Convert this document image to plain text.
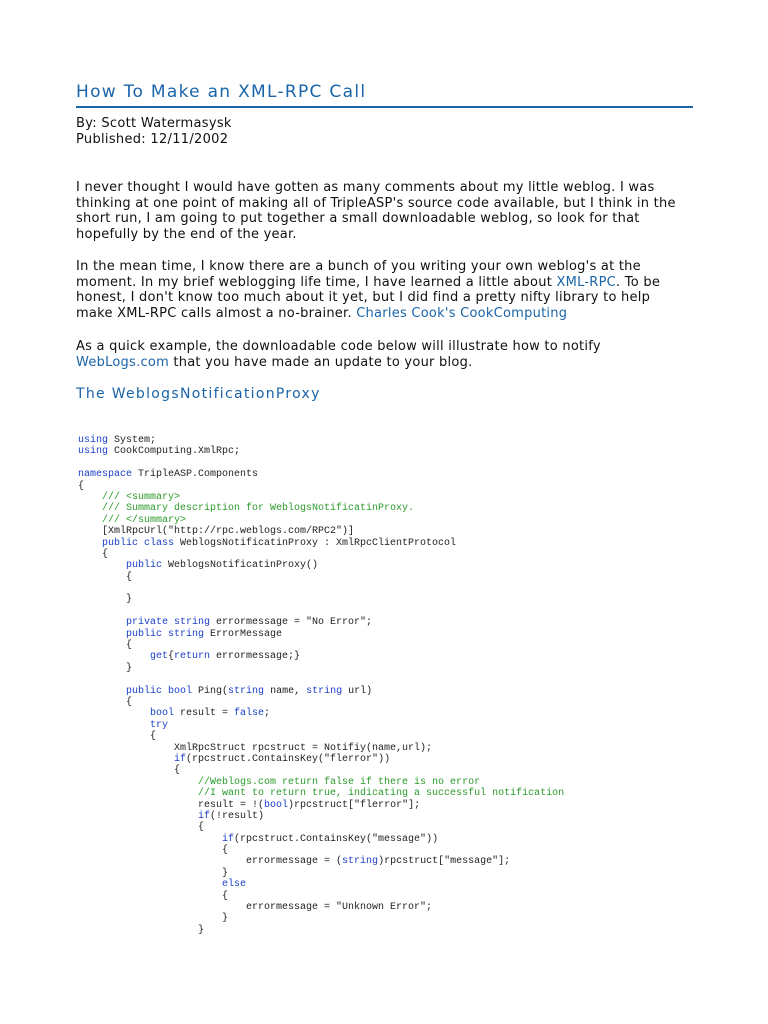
How To Make an XML-RPC Call
By: Scott Watermasysk
Published: 12/11/2002
I never thought I would have gotten as many comments about my little weblog. I was
thinking at one point of making all of TripleASP's source code available, but I think in the
short run, I am going to put together a small downloadable weblog, so look for that
hopefully by the end of the year.
In the mean time, I know there are a bunch of you writing your own weblog's at the
moment. In my brief weblogging life time, I have learned a little about XML-RPC. To be
honest, I don't know too much about it yet, but I did find a pretty nifty library to help
make XML-RPC calls almost a no-brainer. Charles Cook's CookComputing
As a quick example, the downloadable code below will illustrate how to notify
WebLogs.com that you have made an update to your blog.
The WeblogsNotificationProxy
using System;
using CookComputing.XmlRpc;

namespace TripleASP.Components
{
/// <summary>
/// Summary description for WeblogsNotificatinProxy.
/// </summary>
[XmlRpcUrl("http://rpc.weblogs.com/RPC2")]
public class WeblogsNotificatinProxy : XmlRpcClientProtocol
{
public WeblogsNotificatinProxy()
{

}

private string errormessage = "No Error";
public string ErrorMessage
{
get{return errormessage;}
}

public bool Ping(string name, string url)
{
bool result = false;
try
{
XmlRpcStruct rpcstruct = Notifiy(name,url);
if(rpcstruct.ContainsKey("flerror"))
{
//Weblogs.com return false if there is no error
//I want to return true, indicating a successful notification
result = !(bool)rpcstruct["flerror"];
if(!result)
{
if(rpcstruct.ContainsKey("message"))
{
errormessage = (string)rpcstruct["message"];
}
else
{
errormessage = "Unknown Error";
}
}
